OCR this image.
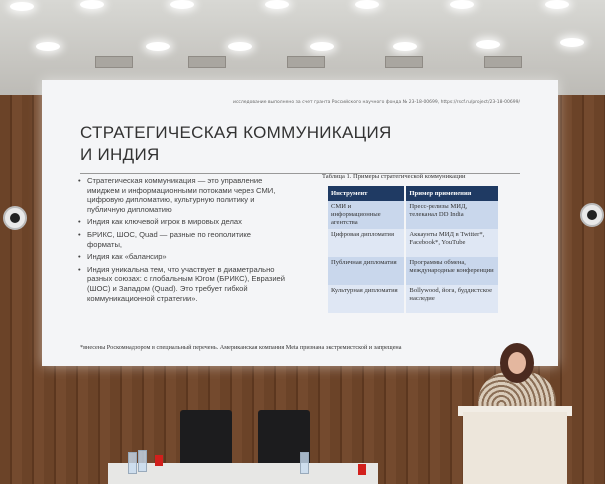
исследование выполнено за счет гранта Российского научного фонда № 23-18-00699, https://rscf.ru/project/23-18-00699/
СТРАТЕГИЧЕСКАЯ КОММУНИКАЦИЯ
И ИНДИЯ
• Стратегическая коммуникация — это управление имиджем и информационными потоками через СМИ, цифровую дипломатию, культурную политику и публичную дипломатию
• Индия как ключевой игрок в мировых делах
• БРИКС, ШОС, Quad — разные по геополитике форматы,
• Индия как «балансир»
• Индия уникальна тем, что участвует в диаметрально разных союзах: с глобальным Югом (БРИКС), Евразией (ШОС) и Западом (Quad). Это требует гибкой коммуникационной стратегии».
Таблица 1. Примеры стратегической коммуникации
Инструмент	Пример применения
СМИ и информационные агентства	Пресс-релизы МИД, телеканал DD India
Цифровая дипломатия	Аккаунты МИД в Twitter*, Facebook*, YouTube
Публичная дипломатия	Программы обмена, международные конференции
Культурная дипломатия	Bollywood, йога, буддистское наследие
*внесены Роскомнадзором в специальный перечень. Американская компания Meta признана экстремистской и запрещена
